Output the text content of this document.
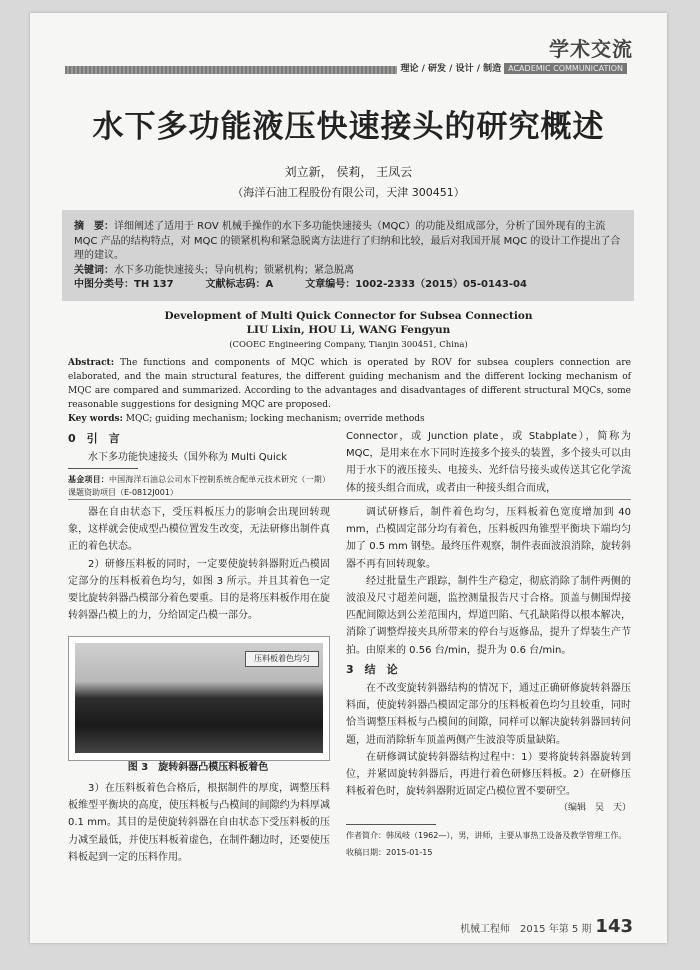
学术交流
理论 / 研发 / 设计 / 制造 ACADEMIC COMMUNICATION
水下多功能液压快速接头的研究概述
刘立新， 侯莉， 王凤云
（海洋石油工程股份有限公司，天津 300451）
摘　要：详细阐述了适用于 ROV 机械手操作的水下多功能快速接头（MQC）的功能及组成部分，分析了国外现有的主流 MQC 产品的结构特点，对 MQC 的锁紧机构和紧急脱离方法进行了归纳和比较，最后对我国开展 MQC 的设计工作提出了合理的建议。
关键词：水下多功能快速接头；导向机构；锁紧机构；紧急脱离
中图分类号：TH 137	文献标志码：A	文章编号：1002-2333（2015）05-0143-04
Development of Multi Quick Connector for Subsea Connection
LIU Lixin, HOU Li, WANG Fengyun
(COOEC Engineering Company, Tianjin 300451, China)
Abstract: The functions and components of MQC which is operated by ROV for subsea couplers connection are elaborated, and the main structural features, the different guiding mechanism and the different locking mechanism of MQC are compared and summarized. According to the advantages and disadvantages of different structural MQCs, some reasonable suggestions for designing MQC are proposed.
Key words: MQC; guiding mechanism; locking mechanism; override methods

0　引　言

水下多功能快速接头（国外称为 Multi Quick

基金项目：中国海洋石油总公司水下控制系统合配单元技术研究（一期）课题资助项目（E-0812J001）

Connector，或 Junction plate，或 Stabplate），简称为 MQC，是用来在水下同时连接多个接头的装置，多个接头可以由用于水下的液压接头、电接头、光纤信号接头或传送其它化学流体的接头组合而成，或者由一种接头组合而成，

器在自由状态下，受压料板压力的影响会出现回转现象，这样就会使成型凸模位置发生改变，无法研修出制件真正的着色状态。

2）研修压料板的同时，一定要使旋转斜器附近凸模固定部分的压料板着色均匀，如图 3 所示。并且其着色一定要比旋转斜器凸模部分着色要重。目的是将压料板作用在旋转斜器凸模上的力，分给固定凸模一部分。

压料板着色均匀
图 3　旋转斜器凸模压料板着色

3）在压料板着色合格后，根据制件的厚度，调整压料板维型平衡块的高度，使压料板与凸模间的间隙约为料厚减 0.1 mm。其目的是使旋转斜器在自由状态下受压料板的压力减至最低，并使压料板着虚色，在制件翻边时，还要使压料板起到一定的压料作用。

调试研修后，制件着色均匀，压料板着色宽度增加到 40 mm，凸模固定部分均有着色，压料板四角锥型平衡块下端均匀加了 0.5 mm 钢垫。最终压件观察，制件表面波浪消除，旋转斜器不再有回转现象。

经过批量生产跟踪，制件生产稳定，彻底消除了制件两侧的波浪及尺寸超差问题，监控测量报告尺寸合格。顶盖与侧围焊接匹配间隙达到公差范围内，焊道凹陷、气孔缺陷得以根本解决，消除了调整焊接夹具所带来的停台与返修品，提升了焊装生产节拍。由原来的 0.56 台/min，提升为 0.6 台/min。

3　结　论

在不改变旋转斜器结构的情况下，通过正确研修旋转斜器压料面，使旋转斜器凸模固定部分的压料板着色均匀且较重，同时恰当调整压料板与凸模间的间隙，同样可以解决旋转斜器回转问题，进而消除斩车顶盖两侧产生波浪等质量缺陷。

在研修调试旋转斜器结构过程中：1）要将旋转斜器旋转到位，并紧固旋转斜器后，再进行着色研修压料板。2）在研修压料板着色时，旋转斜器附近固定凸模位置不要研空。

（编辑　吴　天）
作者简介：韩凤岐（1962—），男，讲师，主要从事热工设备及教学管理工作。
收稿日期：2015-01-15
机械工程师　2015 年第 5 期 143
